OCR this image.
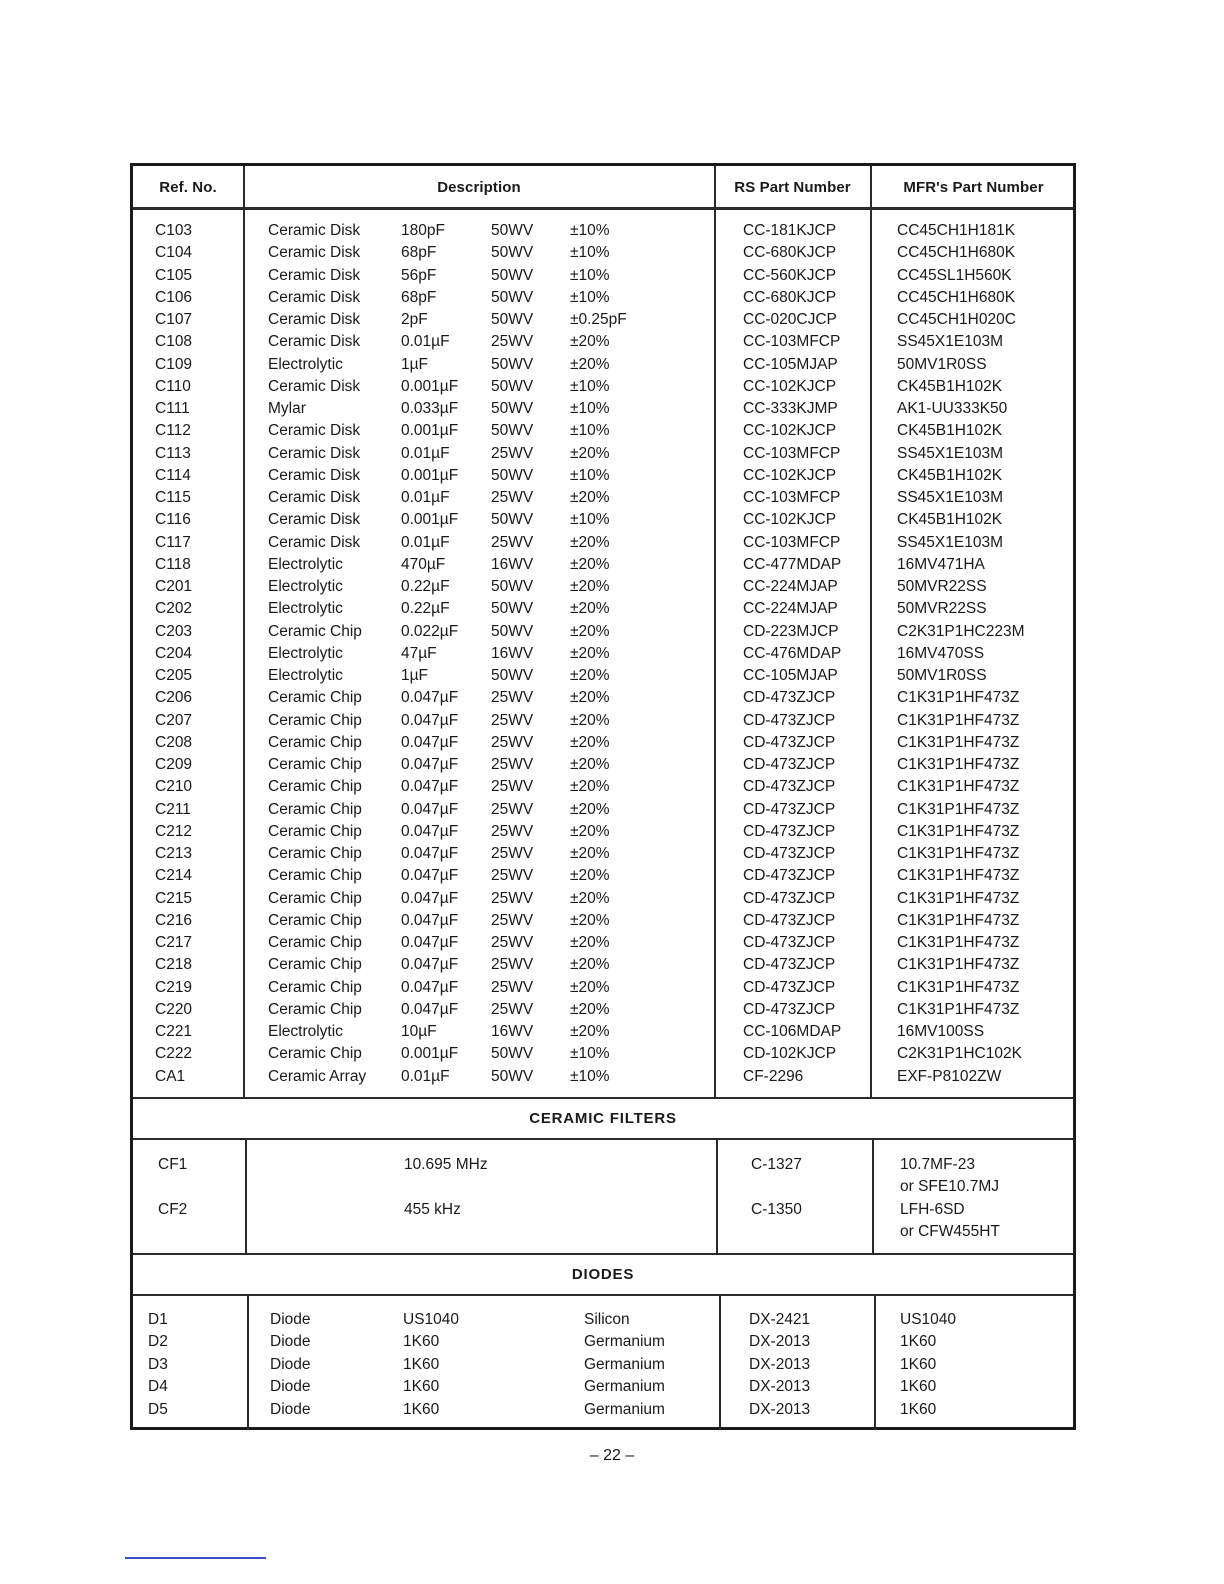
Ref. No.	Description	RS Part Number	MFR's Part Number
C103	Ceramic Disk	180pF	50WV ±10%	CC-181KJCP	CC45CH1H181K
C104	Ceramic Disk	68pF	50WV ±10%	CC-680KJCP	CC45CH1H680K
C105	Ceramic Disk	56pF	50WV ±10%	CC-560KJCP	CC45SL1H560K
C106	Ceramic Disk	68pF	50WV ±10%	CC-680KJCP	CC45CH1H680K
C107	Ceramic Disk	2pF	50WV ±0.25pF	CC-020CJCP	CC45CH1H020C
C108	Ceramic Disk	0.01µF	25WV ±20%	CC-103MFCP	SS45X1E103M
C109	Electrolytic	1µF	50WV ±20%	CC-105MJAP	50MV1R0SS
C110	Ceramic Disk	0.001µF 50WV ±10%	CC-102KJCP	CK45B1H102K
C111	Mylar	0.033µF 50WV ±10%	CC-333KJMP	AK1-UU333K50
C112	Ceramic Disk	0.001µF 50WV ±10%	CC-102KJCP	CK45B1H102K
C113	Ceramic Disk	0.01µF	25WV ±20%	CC-103MFCP	SS45X1E103M
C114	Ceramic Disk	0.001µF 50WV ±10%	CC-102KJCP	CK45B1H102K
C115	Ceramic Disk	0.01µF	25WV ±20%	CC-103MFCP	SS45X1E103M
C116	Ceramic Disk	0.001µF 50WV ±10%	CC-102KJCP	CK45B1H102K
C117	Ceramic Disk	0.01µF	25WV ±20%	CC-103MFCP	SS45X1E103M
C118	Electrolytic	470µF	16WV ±20%	CC-477MDAP	16MV471HA
C201	Electrolytic	0.22µF	50WV ±20%	CC-224MJAP	50MVR22SS
C202	Electrolytic	0.22µF	50WV ±20%	CC-224MJAP	50MVR22SS
C203	Ceramic Chip	0.022µF 50WV ±20%	CD-223MJCP	C2K31P1HC223M
C204	Electrolytic	47µF	16WV ±20%	CC-476MDAP	16MV470SS
C205	Electrolytic	1µF	50WV ±20%	CC-105MJAP	50MV1R0SS
C206	Ceramic Chip	0.047µF 25WV ±20%	CD-473ZJCP	C1K31P1HF473Z
C207	Ceramic Chip	0.047µF 25WV ±20%	CD-473ZJCP	C1K31P1HF473Z
C208	Ceramic Chip	0.047µF 25WV ±20%	CD-473ZJCP	C1K31P1HF473Z
C209	Ceramic Chip	0.047µF 25WV ±20%	CD-473ZJCP	C1K31P1HF473Z
C210	Ceramic Chip	0.047µF 25WV ±20%	CD-473ZJCP	C1K31P1HF473Z
C211	Ceramic Chip	0.047µF 25WV ±20%	CD-473ZJCP	C1K31P1HF473Z
C212	Ceramic Chip	0.047µF 25WV ±20%	CD-473ZJCP	C1K31P1HF473Z
C213	Ceramic Chip	0.047µF 25WV ±20%	CD-473ZJCP	C1K31P1HF473Z
C214	Ceramic Chip	0.047µF 25WV ±20%	CD-473ZJCP	C1K31P1HF473Z
C215	Ceramic Chip	0.047µF 25WV ±20%	CD-473ZJCP	C1K31P1HF473Z
C216	Ceramic Chip	0.047µF 25WV ±20%	CD-473ZJCP	C1K31P1HF473Z
C217	Ceramic Chip	0.047µF 25WV ±20%	CD-473ZJCP	C1K31P1HF473Z
C218	Ceramic Chip	0.047µF 25WV ±20%	CD-473ZJCP	C1K31P1HF473Z
C219	Ceramic Chip	0.047µF 25WV ±20%	CD-473ZJCP	C1K31P1HF473Z
C220	Ceramic Chip	0.047µF 25WV ±20%	CD-473ZJCP	C1K31P1HF473Z
C221	Electrolytic	10µF	16WV ±20%	CC-106MDAP	16MV100SS
C222	Ceramic Chip	0.001µF 50WV ±10%	CD-102KJCP	C2K31P1HC102K
CA1	Ceramic Array 0.01µF	50WV ±10%	CF-2296	EXF-P8102ZW
CERAMIC FILTERS
CF1	10.695 MHz	C-1327	10.7MF-23
or SFE10.7MJ
CF2	455 kHz	C-1350	LFH-6SD
or CFW455HT
DIODES
D1	Diode	US1040	Silicon	DX-2421	US1040
D2	Diode	1K60	Germanium	DX-2013	1K60
D3	Diode	1K60	Germanium	DX-2013	1K60
D4	Diode	1K60	Germanium	DX-2013	1K60
D5	Diode	1K60	Germanium	DX-2013	1K60
– 22 –
